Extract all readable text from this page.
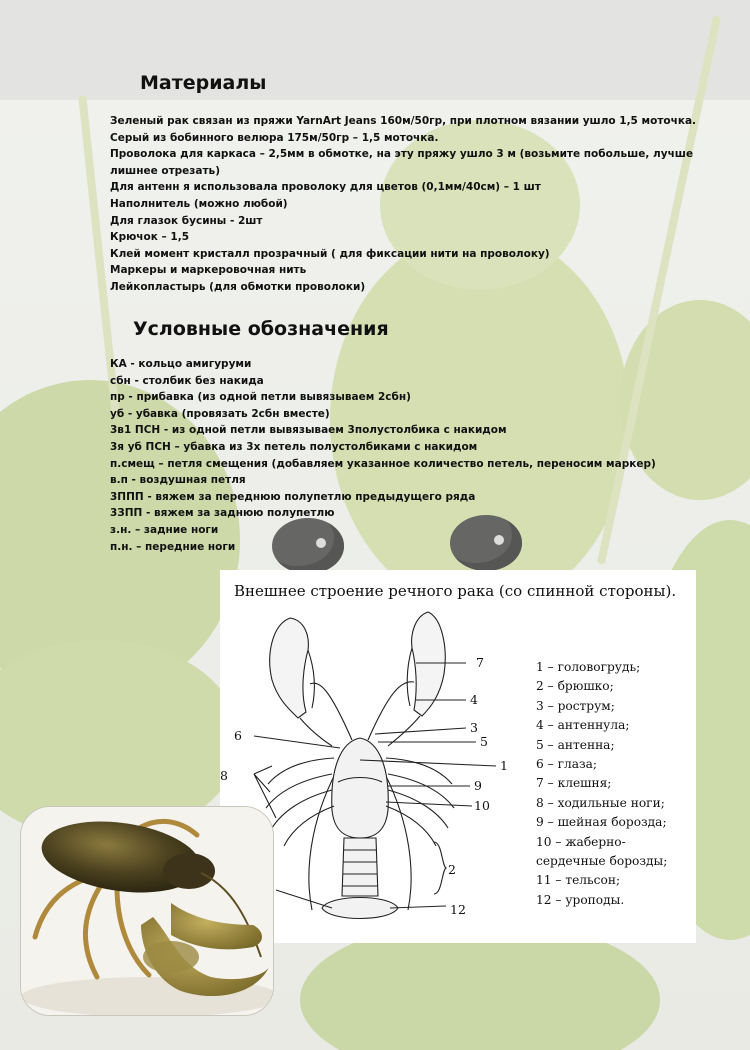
Материалы
Зеленый рак связан из пряжи YarnArt Jeans 160м/50гр, при плотном вязании ушло 1,5 моточка.
Серый из бобинного велюра 175м/50гр – 1,5 моточка.
Проволока для каркаса – 2,5мм в обмотке, на эту пряжу ушло 3 м (возьмите побольше, лучше лишнее отрезать)
Для антенн я использовала проволоку для цветов (0,1мм/40см) – 1 шт
Наполнитель (можно любой)
Для глазок бусины - 2шт
Крючок – 1,5
Клей момент кристалл прозрачный ( для фиксации нити на проволоку)
Маркеры и маркеровочная нить
Лейкопластырь (для обмотки проволоки)
Условные обозначения
КА - кольцо амигуруми
сбн - столбик без накида
пр - прибавка (из одной петли вывязываем 2сбн)
уб - убавка (провязать 2сбн вместе)
3в1 ПСН - из одной петли вывязываем 3полустолбика с накидом
3я уб ПСН – убавка из 3х петель полустолбиками с накидом
п.смещ – петля смещения (добавляем указанное количество петель, переносим маркер)
в.п - воздушная петля
3ППП - вяжем за переднюю полупетлю предыдущего ряда
3ЗПП - вяжем за заднюю полупетлю
з.н. – задние ноги
п.н. – передние ноги

Внешнее строение речного рака (со спинной стороны).

7
4
3
5
1
6
8
9
10
2
12
1 – головогрудь;
2 – брюшко;
3 – рострум;
4 – антеннула;
5 – антенна;
6 – глаза;
7 – клешня;
8 – ходильные ноги;
9 – шейная борозда;
10 – жаберно-
сердечные борозды;
11 – тельсон;
12 – уроподы.
